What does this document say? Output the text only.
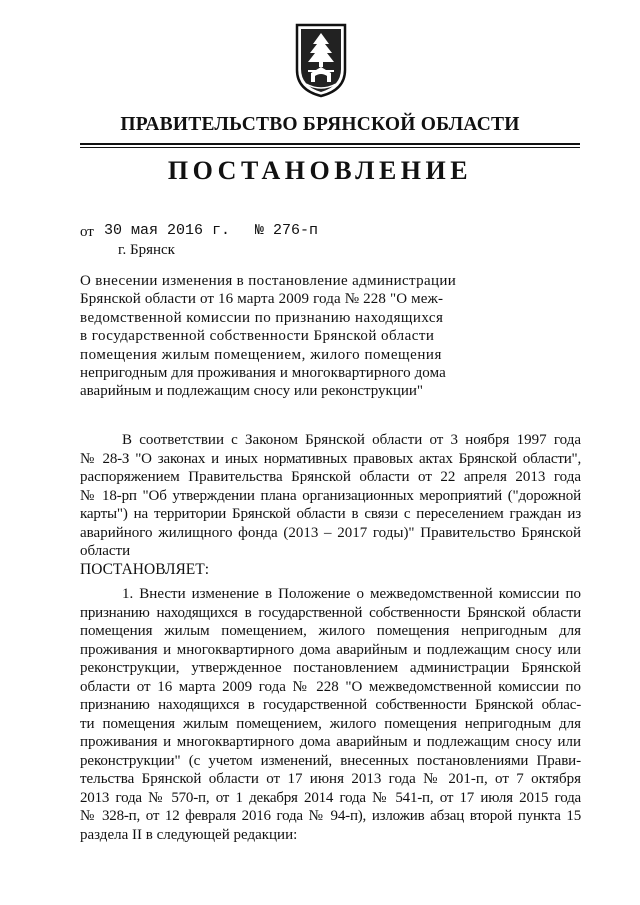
ПРАВИТЕЛЬСТВО БРЯНСКОЙ ОБЛАСТИ
ПОСТАНОВЛЕНИЕ
от 30 мая 2016 г. № 276-п
г. Брянск
О внесении изменения в постановление администрации
Брянской области от 16 марта 2009 года № 228 "О меж-
ведомственной комиссии по признанию находящихся
в государственной собственности Брянской области
помещения жилым помещением, жилого помещения
непригодным для проживания и многоквартирного дома
аварийным и подлежащим сносу или реконструкции"
В соответствии с Законом Брянской области от 3 ноября 1997 года
№ 28-З "О законах и иных нормативных правовых актах Брянской области",
распоряжением Правительства Брянской области от 22 апреля 2013 года
№ 18-рп "Об утверждении плана организационных мероприятий ("дорожной
карты") на территории Брянской области в связи с переселением граждан из
аварийного жилищного фонда (2013 – 2017 годы)" Правительство Брянской
области
ПОСТАНОВЛЯЕТ:
1. Внести изменение в Положение о межведомственной комиссии по
признанию находящихся в государственной собственности Брянской области
помещения жилым помещением, жилого помещения непригодным для
проживания и многоквартирного дома аварийным и подлежащим сносу или
реконструкции, утвержденное постановлением администрации Брянской
области от 16 марта 2009 года № 228 "О межведомственной комиссии по
признанию находящихся в государственной собственности Брянской облас-
ти помещения жилым помещением, жилого помещения непригодным для
проживания и многоквартирного дома аварийным и подлежащим сносу или
реконструкции" (с учетом изменений, внесенных постановлениями Прави-
тельства Брянской области от 17 июня 2013 года № 201-п, от 7 октября
2013 года № 570-п, от 1 декабря 2014 года № 541-п, от 17 июля 2015 года
№ 328-п, от 12 февраля 2016 года № 94-п), изложив абзац второй пункта 15
раздела II в следующей редакции:
